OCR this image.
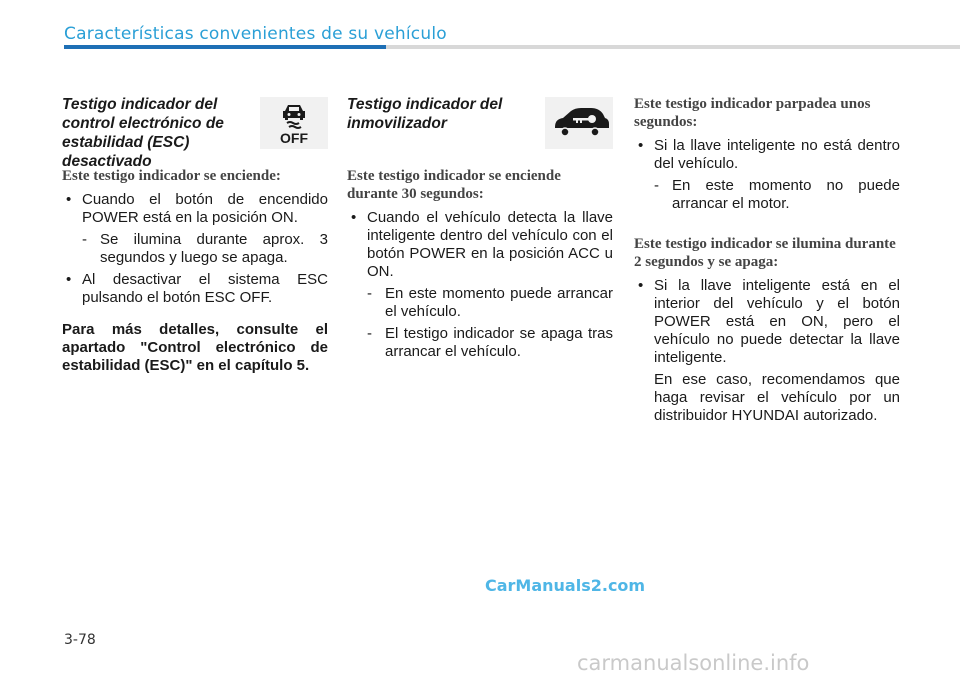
Características convenientes de su vehículo
Testigo indicador del control electrónico de estabilidad (ESC) desactivado
OFF
Este testigo indicador se enciende:
• Cuando el botón de encendido POWER está en la posición ON.
- Se ilumina durante aprox. 3 segundos y luego se apaga.
• Al desactivar el sistema ESC pulsando el botón ESC OFF.
Para más detalles, consulte el apartado "Control electrónico de estabilidad (ESC)" en el capítulo 5.
Testigo indicador del inmovilizador
Este testigo indicador se enciende durante 30 segundos:
• Cuando el vehículo detecta la llave inteligente dentro del vehículo con el botón POWER en la posición ACC u ON.
- En este momento puede arrancar el vehículo.
- El testigo indicador se apaga tras arrancar el vehículo.
Este testigo indicador parpadea unos segundos:
• Si la llave inteligente no está dentro del vehículo.
- En este momento no puede arrancar el motor.
Este testigo indicador se ilumina durante 2 segundos y se apaga:
• Si la llave inteligente está en el interior del vehículo y el botón POWER está en ON, pero el vehículo no puede detectar la llave inteligente.
En ese caso, recomendamos que haga revisar el vehículo por un distribuidor HYUNDAI autorizado.
CarManuals2.com
3-78
carmanualsonline.info
